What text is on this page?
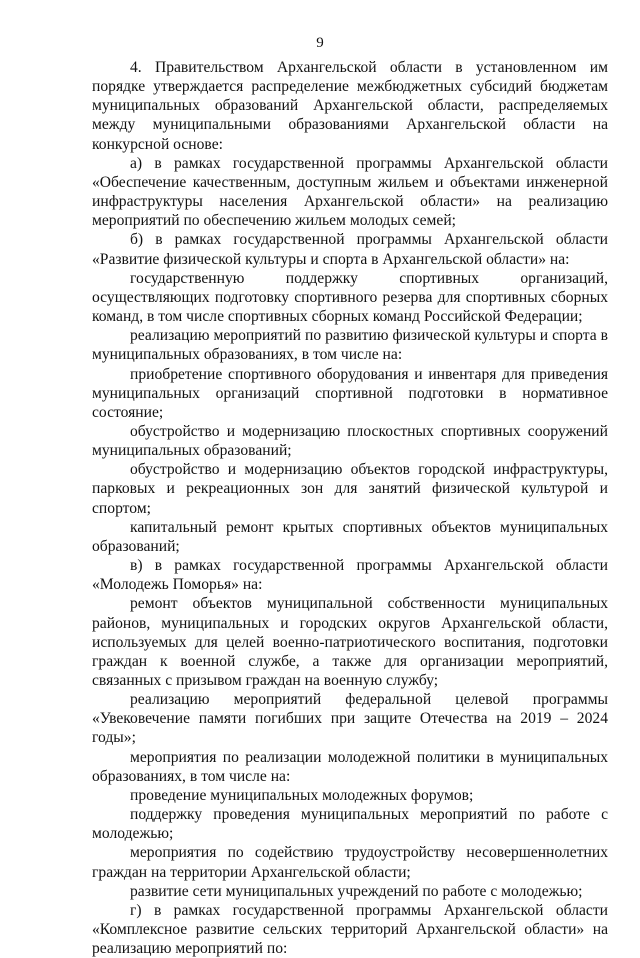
9

4. Правительством Архангельской области в установленном им порядке утверждается распределение межбюджетных субсидий бюджетам муниципальных образований Архангельской области, распределяемых между муниципальными образованиями Архангельской области на конкурсной основе:

а) в рамках государственной программы Архангельской области «Обеспечение качественным, доступным жильем и объектами инженерной инфраструктуры населения Архангельской области» на реализацию мероприятий по обеспечению жильем молодых семей;

б) в рамках государственной программы Архангельской области «Развитие физической культуры и спорта в Архангельской области» на:

государственную поддержку спортивных организаций, осуществляющих подготовку спортивного резерва для спортивных сборных команд, в том числе спортивных сборных команд Российской Федерации;

реализацию мероприятий по развитию физической культуры и спорта в муниципальных образованиях, в том числе на:

приобретение спортивного оборудования и инвентаря для приведения муниципальных организаций спортивной подготовки в нормативное состояние;

обустройство и модернизацию плоскостных спортивных сооружений муниципальных образований;

обустройство и модернизацию объектов городской инфраструктуры, парковых и рекреационных зон для занятий физической культурой и спортом;

капитальный ремонт крытых спортивных объектов муниципальных образований;

в) в рамках государственной программы Архангельской области «Молодежь Поморья» на:

ремонт объектов муниципальной собственности муниципальных районов, муниципальных и городских округов Архангельской области, используемых для целей военно-патриотического воспитания, подготовки граждан к военной службе, а также для организации мероприятий, связанных с призывом граждан на военную службу;

реализацию мероприятий федеральной целевой программы «Увековечение памяти погибших при защите Отечества на 2019 – 2024 годы»;

мероприятия по реализации молодежной политики в муниципальных образованиях, в том числе на:

проведение муниципальных молодежных форумов;

поддержку проведения муниципальных мероприятий по работе с молодежью;

мероприятия по содействию трудоустройству несовершеннолетних граждан на территории Архангельской области;

развитие сети муниципальных учреждений по работе с молодежью;

г) в рамках государственной программы Архангельской области «Комплексное развитие сельских территорий Архангельской области» на реализацию мероприятий по:
